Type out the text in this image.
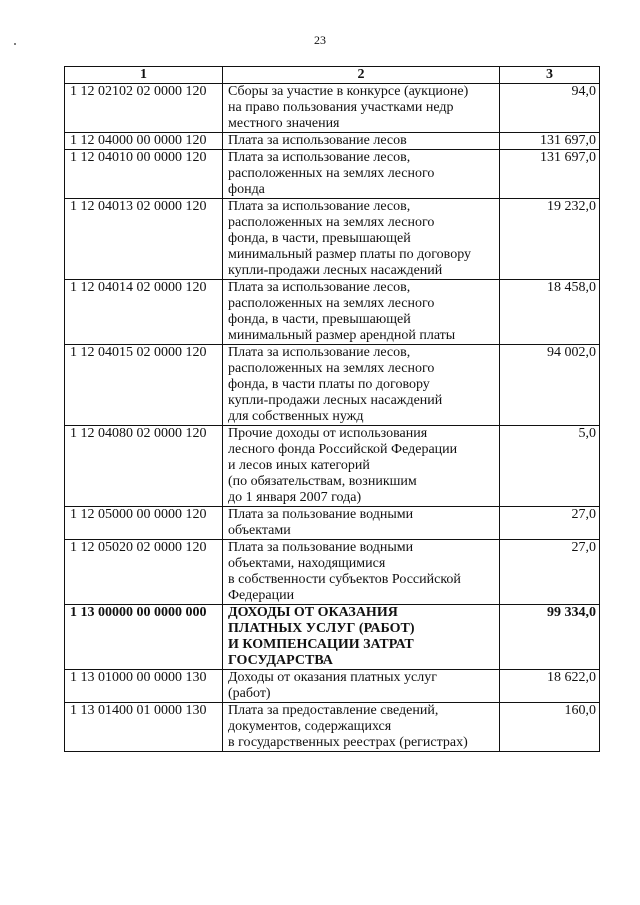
23
1	2	3
1 12 02102 02 0000 120	Сборы за участие в конкурсе (аукционе)
на право пользования участками недр
местного значения	94,0
1 12 04000 00 0000 120	Плата за использование лесов	131 697,0
1 12 04010 00 0000 120	Плата за использование лесов,
расположенных на землях лесного
фонда	131 697,0
1 12 04013 02 0000 120	Плата за использование лесов,
расположенных на землях лесного
фонда, в части, превышающей
минимальный размер платы по договору
купли-продажи лесных насаждений	19 232,0
1 12 04014 02 0000 120	Плата за использование лесов,
расположенных на землях лесного
фонда, в части, превышающей
минимальный размер арендной платы	18 458,0
1 12 04015 02 0000 120	Плата за использование лесов,
расположенных на землях лесного
фонда, в части платы по договору
купли-продажи лесных насаждений
для собственных нужд	94 002,0
1 12 04080 02 0000 120	Прочие доходы от использования
лесного фонда Российской Федерации
и лесов иных категорий
(по обязательствам, возникшим
до 1 января 2007 года)	5,0
1 12 05000 00 0000 120	Плата за пользование водными
объектами	27,0
1 12 05020 02 0000 120	Плата за пользование водными
объектами, находящимися
в собственности субъектов Российской
Федерации	27,0
1 13 00000 00 0000 000	ДОХОДЫ ОТ ОКАЗАНИЯ
ПЛАТНЫХ УСЛУГ (РАБОТ)
И КОМПЕНСАЦИИ ЗАТРАТ
ГОСУДАРСТВА	99 334,0
1 13 01000 00 0000 130	Доходы от оказания платных услуг
(работ)	18 622,0
1 13 01400 01 0000 130	Плата за предоставление сведений,
документов, содержащихся
в государственных реестрах (регистрах)	160,0
